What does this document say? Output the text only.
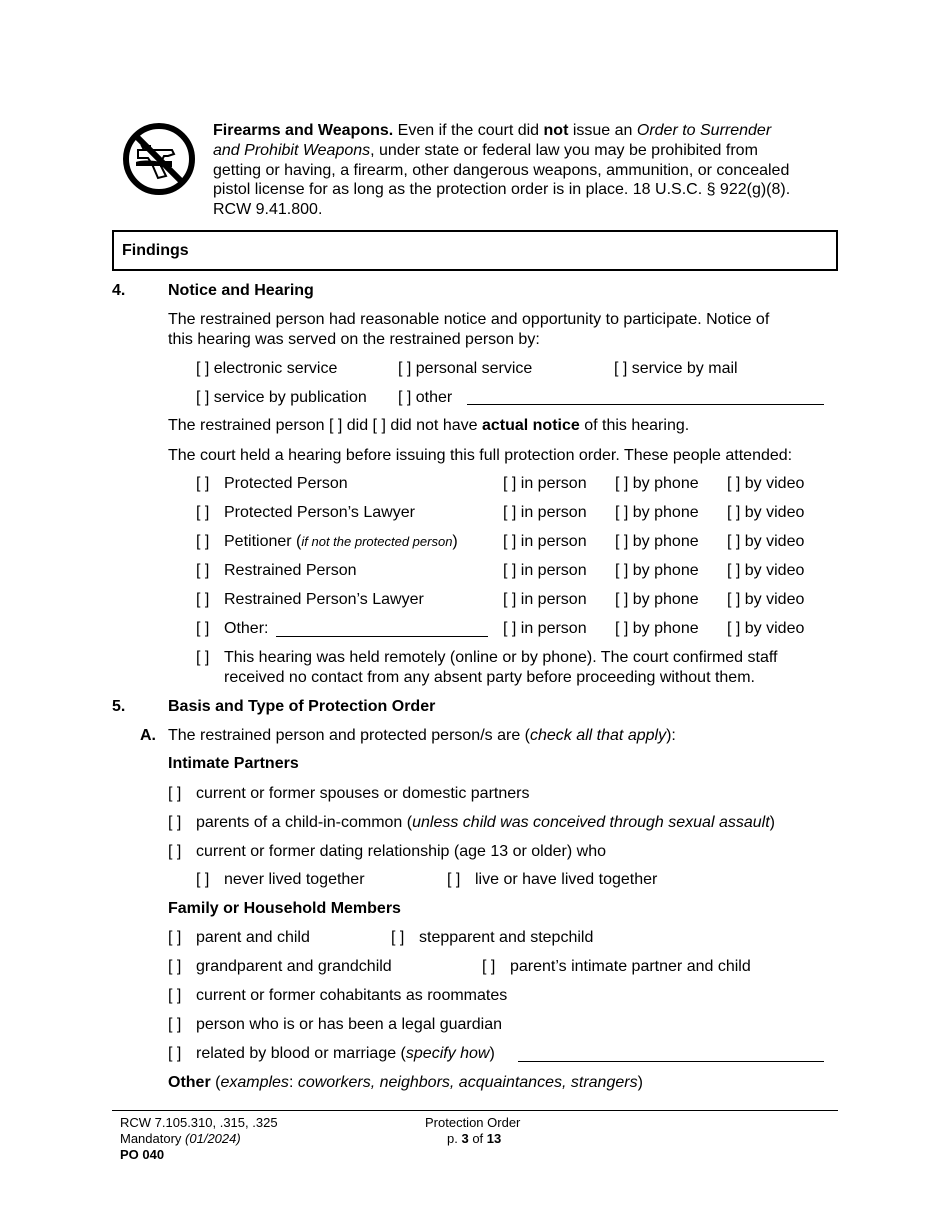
Firearms and Weapons. Even if the court did not issue an Order to Surrender
and Prohibit Weapons, under state or federal law you may be prohibited from
getting or having, a firearm, other dangerous weapons, ammunition, or concealed
pistol license for as long as the protection order is in place. 18 U.S.C. § 922(g)(8).
RCW 9.41.800.
Findings
4.	Notice and Hearing
The restrained person had reasonable notice and opportunity to participate. Notice of
this hearing was served on the restrained person by:
[ ] electronic service	[ ] personal service	[ ] service by mail
[ ] service by publication [ ] other
The restrained person [ ] did [ ] did not have actual notice of this hearing.
The court held a hearing before issuing this full protection order. These people attended:
[ ] Protected Person	[ ] in person [ ] by phone [ ] by video
[ ] Protected Person’s Lawyer	[ ] in person [ ] by phone [ ] by video
[ ] Petitioner (if not the protected person)	[ ] in person [ ] by phone [ ] by video
[ ] Restrained Person	[ ] in person [ ] by phone [ ] by video
[ ] Restrained Person’s Lawyer	[ ] in person [ ] by phone [ ] by video
[ ] Other:	[ ] in person [ ] by phone [ ] by video
[ ] This hearing was held remotely (online or by phone). The court confirmed staff
received no contact from any absent party before proceeding without them.
5.	Basis and Type of Protection Order
A. The restrained person and protected person/s are (check all that apply):
Intimate Partners
[ ] current or former spouses or domestic partners
[ ] parents of a child-in-common (unless child was conceived through sexual assault)
[ ] current or former dating relationship (age 13 or older) who
[ ] never lived together	[ ] live or have lived together
Family or Household Members
[ ] parent and child	[ ] stepparent and stepchild
[ ] grandparent and grandchild	[ ] parent’s intimate partner and child
[ ] current or former cohabitants as roommates
[ ] person who is or has been a legal guardian
[ ] related by blood or marriage (specify how)
Other (examples: coworkers, neighbors, acquaintances, strangers)
RCW 7.105.310, .315, .325
Mandatory (01/2024)
PO 040
Protection Order
p. 3 of 13
